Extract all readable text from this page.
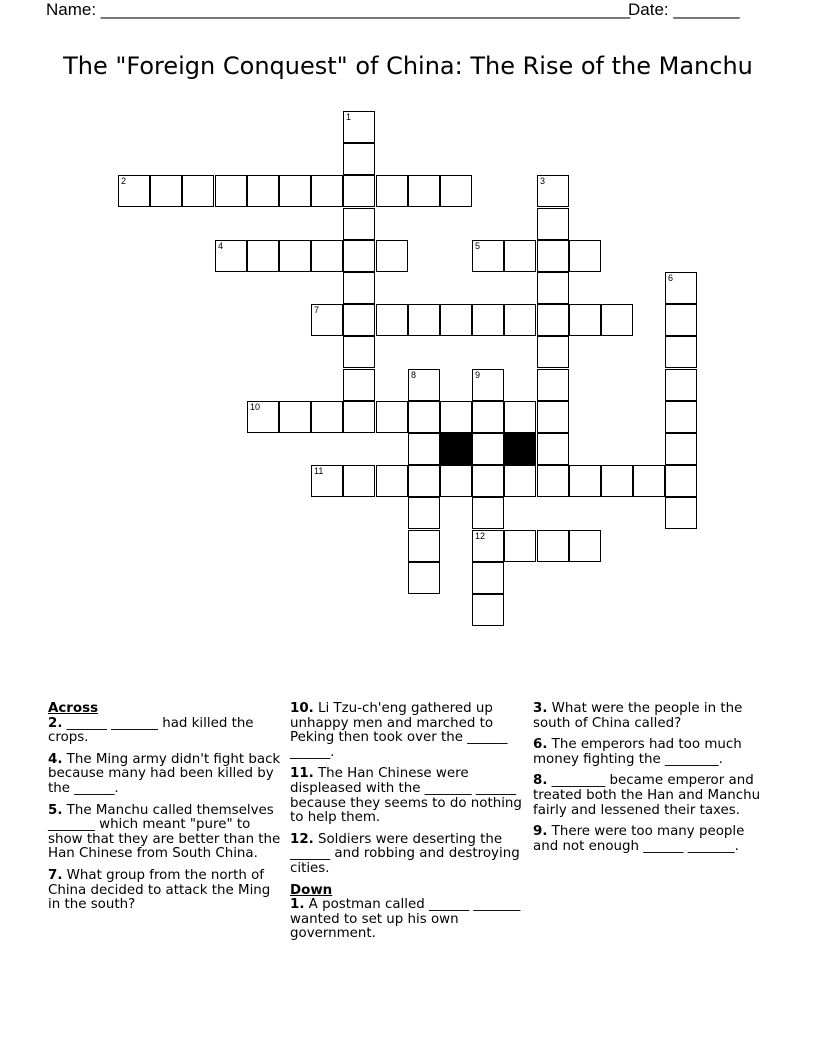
Name: ________________________________________________________
Date: _______
The "Foreign Conquest" of China: The Rise of the Manchu
1
2	3
4	5
6
7
8	9
12
10
11
Across
2. ______ _______ had killed the crops.
4. The Ming army didn't fight back because many had been killed by the ______.
5. The Manchu called themselves _______ which meant "pure" to show that they are better than the Han Chinese from South China.
7. What group from the north of China decided to attack the Ming in the south?
10. Li Tzu-ch'eng gathered up unhappy men and marched to Peking then took over the ______ ______.
11. The Han Chinese were displeased with the _______ ______ because they seems to do nothing to help them.
12. Soldiers were deserting the ______ and robbing and destroying cities.
Down
1. A postman called ______ _______ wanted to set up his own government.
3. What were the people in the south of China called?
6. The emperors had too much money fighting the ________.
8. ________ became emperor and treated both the Han and Manchu fairly and lessened their taxes.
9. There were too many people and not enough ______ _______.
